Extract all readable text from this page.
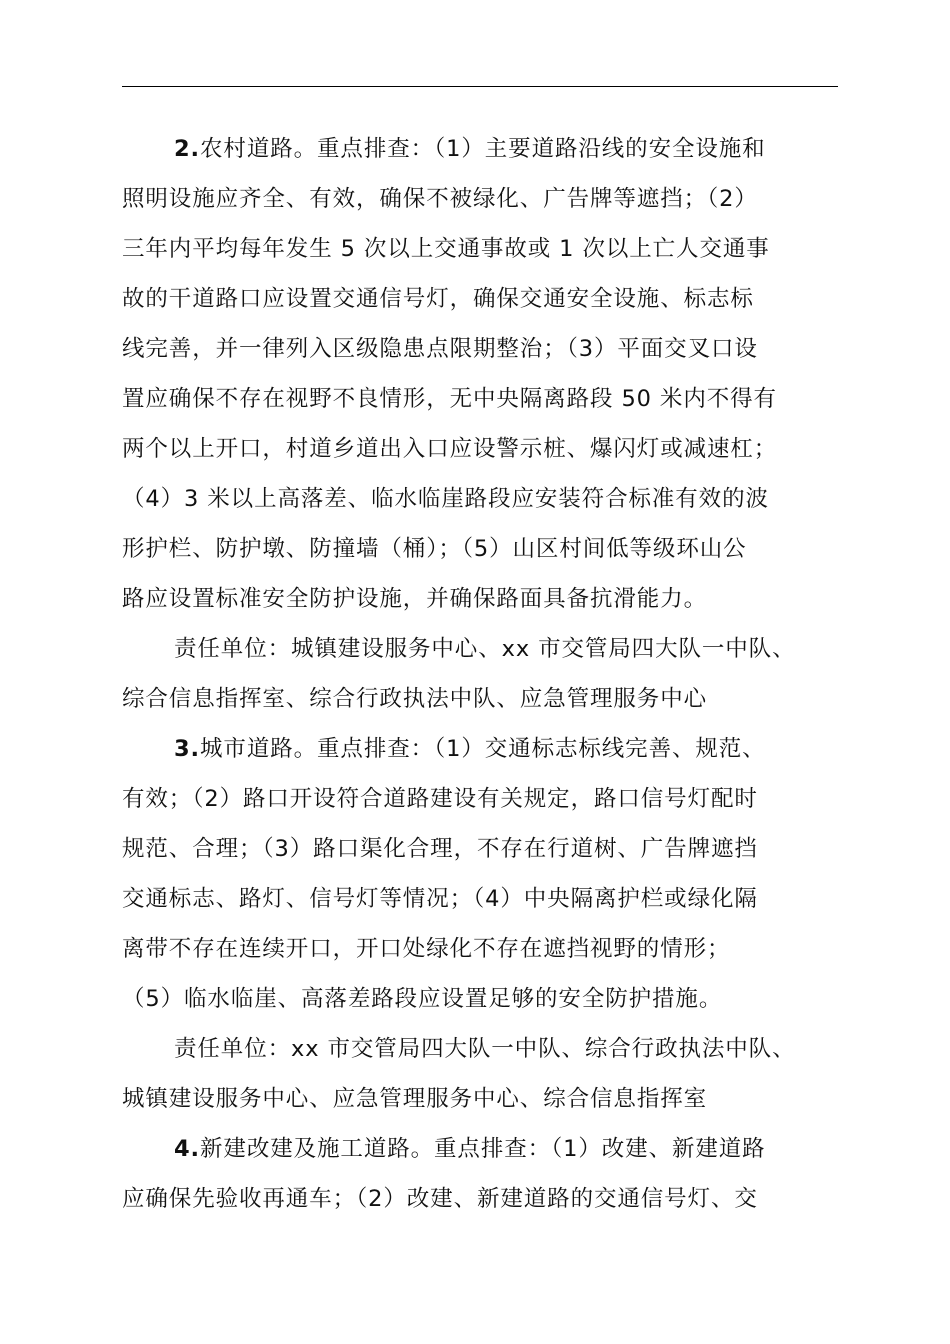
2.农村道路。重点排查：（1）主要道路沿线的安全设施和
照明设施应齐全、有效，确保不被绿化、广告牌等遮挡；（2）
三年内平均每年发生 5 次以上交通事故或 1 次以上亡人交通事
故的干道路口应设置交通信号灯，确保交通安全设施、标志标
线完善，并一律列入区级隐患点限期整治；（3）平面交叉口设
置应确保不存在视野不良情形，无中央隔离路段 50 米内不得有
两个以上开口，村道乡道出入口应设警示桩、爆闪灯或减速杠；
（4）3 米以上高落差、临水临崖路段应安装符合标准有效的波
形护栏、防护墩、防撞墙（桶）；（5）山区村间低等级环山公
路应设置标准安全防护设施，并确保路面具备抗滑能力。
责任单位：城镇建设服务中心、xx 市交管局四大队一中队、
综合信息指挥室、综合行政执法中队、应急管理服务中心
3.城市道路。重点排查：（1）交通标志标线完善、规范、
有效；（2）路口开设符合道路建设有关规定，路口信号灯配时
规范、合理；（3）路口渠化合理，不存在行道树、广告牌遮挡
交通标志、路灯、信号灯等情况；（4）中央隔离护栏或绿化隔
离带不存在连续开口，开口处绿化不存在遮挡视野的情形；
（5）临水临崖、高落差路段应设置足够的安全防护措施。
责任单位：xx 市交管局四大队一中队、综合行政执法中队、
城镇建设服务中心、应急管理服务中心、综合信息指挥室
4.新建改建及施工道路。重点排查：（1）改建、新建道路
应确保先验收再通车；（2）改建、新建道路的交通信号灯、交
